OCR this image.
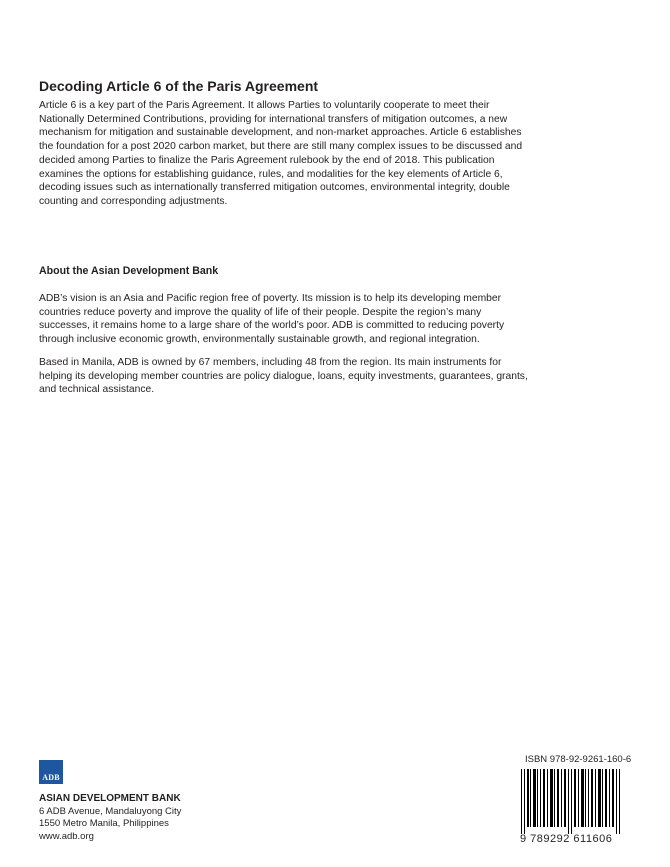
Decoding Article 6 of the Paris Agreement

Article 6 is a key part of the Paris Agreement. It allows Parties to voluntarily cooperate to meet their Nationally Determined Contributions, providing for international transfers of mitigation outcomes, a new mechanism for mitigation and sustainable development, and non-market approaches. Article 6 establishes the foundation for a post 2020 carbon market, but there are still many complex issues to be discussed and decided among Parties to finalize the Paris Agreement rulebook by the end of 2018. This publication examines the options for establishing guidance, rules, and modalities for the key elements of Article 6, decoding issues such as internationally transferred mitigation outcomes, environmental integrity, double counting and corresponding adjustments.

About the Asian Development Bank

ADB’s vision is an Asia and Pacific region free of poverty. Its mission is to help its developing member countries reduce poverty and improve the quality of life of their people. Despite the region’s many successes, it remains home to a large share of the world’s poor. ADB is committed to reducing poverty through inclusive economic growth, environmentally sustainable growth, and regional integration.

Based in Manila, ADB is owned by 67 members, including 48 from the region. Its main instruments for helping its developing member countries are policy dialogue, loans, equity investments, guarantees, grants, and technical assistance.

ADB
ASIAN DEVELOPMENT BANK
6 ADB Avenue, Mandaluyong City
1550 Metro Manila, Philippines
www.adb.org
ISBN 978-92-9261-160-6
9 789292 611606
